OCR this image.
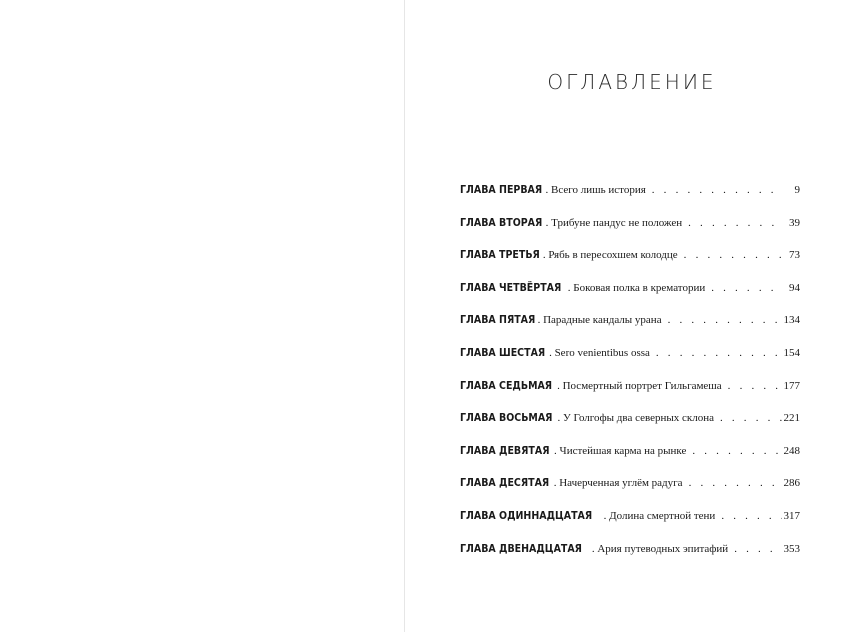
ОГЛАВЛЕНИЕ
ГЛАВА ПЕРВАЯ . Всего лишь история . . .	9
ГЛАВА ВТОРАЯ . Трибуне пандус не положен . . .	39
ГЛАВА ТРЕТЬЯ . Рябь в пересохшем колодце . . .	73
ГЛАВА ЧЕТВЁРТАЯ . Боковая полка в крематории . . .	94
ГЛАВА ПЯТАЯ . Парадные кандалы урана . . .	134
ГЛАВА ШЕСТАЯ . Sero venientibus ossa . . .	154
ГЛАВА СЕДЬМАЯ . Посмертный портрет Гильгамеша . . .	177
ГЛАВА ВОСЬМАЯ . У Голгофы два северных склона . . .	221
ГЛАВА ДЕВЯТАЯ . Чистейшая карма на рынке . . .	248
ГЛАВА ДЕСЯТАЯ . Начерченная углём радуга . . .	286
ГЛАВА ОДИННАДЦАТАЯ . Долина смертной тени . . .	317
ГЛАВА ДВЕНАДЦАТАЯ . Ария путеводных эпитафий . . .	353
